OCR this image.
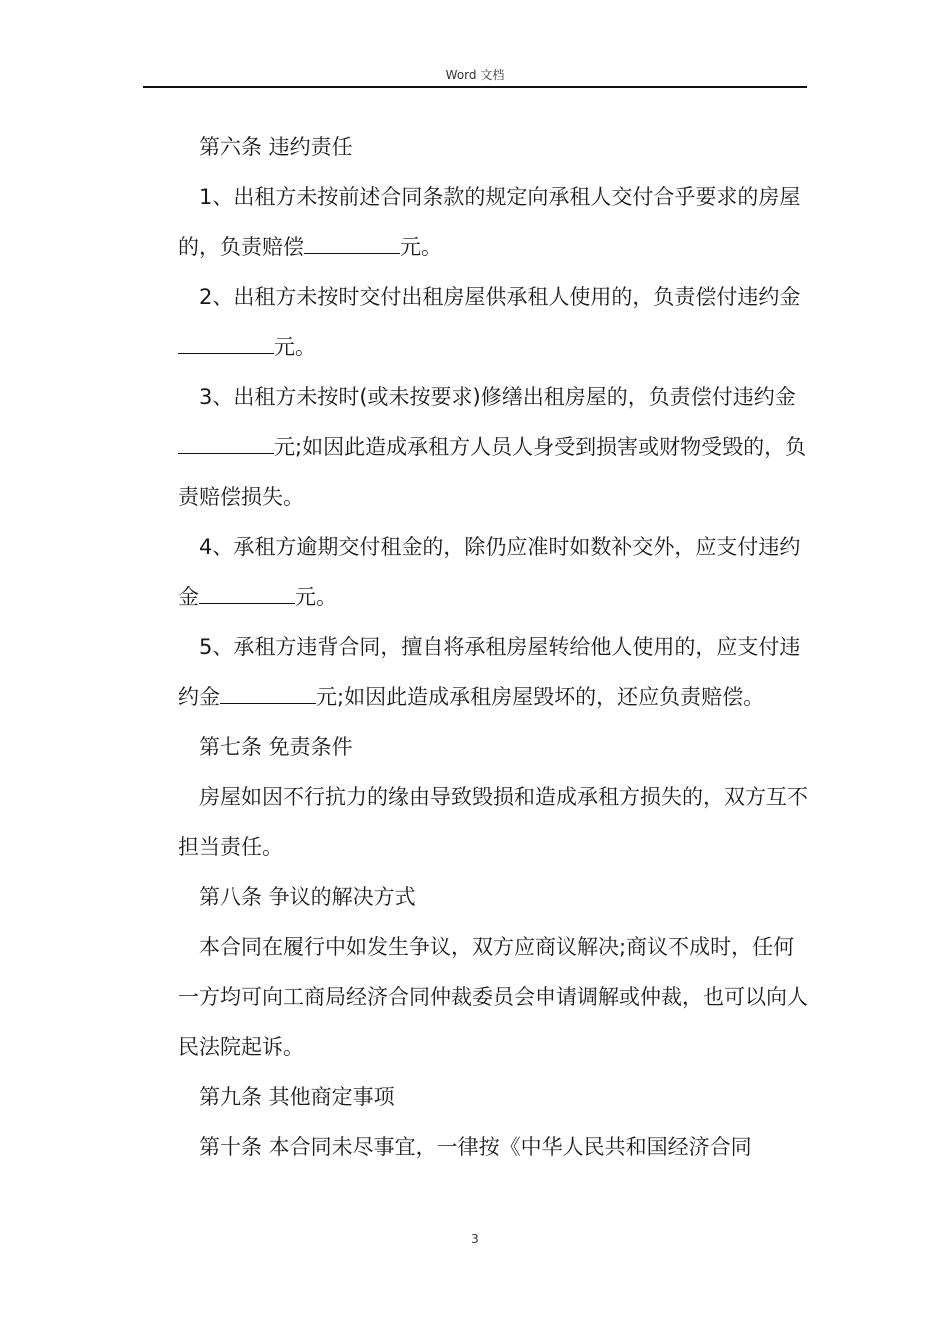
Word 文档

第六条 违约责任

1、出租方未按前述合同条款的规定向承租人交付合乎要求的房屋的，负责赔偿	元。

2、出租方未按时交付出租房屋供承租人使用的，负责偿付违约金元。

3、出租方未按时(或未按要求)修缮出租房屋的，负责偿付违约金元;如因此造成承租方人员人身受到损害或财物受毁的，负责赔偿损失。

4、承租方逾期交付租金的，除仍应准时如数补交外，应支付违约金	元。

5、承租方违背合同，擅自将承租房屋转给他人使用的，应支付违约金	元;如因此造成承租房屋毁坏的，还应负责赔偿。

第七条 免责条件

房屋如因不行抗力的缘由导致毁损和造成承租方损失的，双方互不担当责任。

第八条 争议的解决方式

本合同在履行中如发生争议，双方应商议解决;商议不成时，任何一方均可向工商局经济合同仲裁委员会申请调解或仲裁，也可以向人民法院起诉。

第九条 其他商定事项

第十条 本合同未尽事宜，一律按《中华人民共和国经济合同

3
